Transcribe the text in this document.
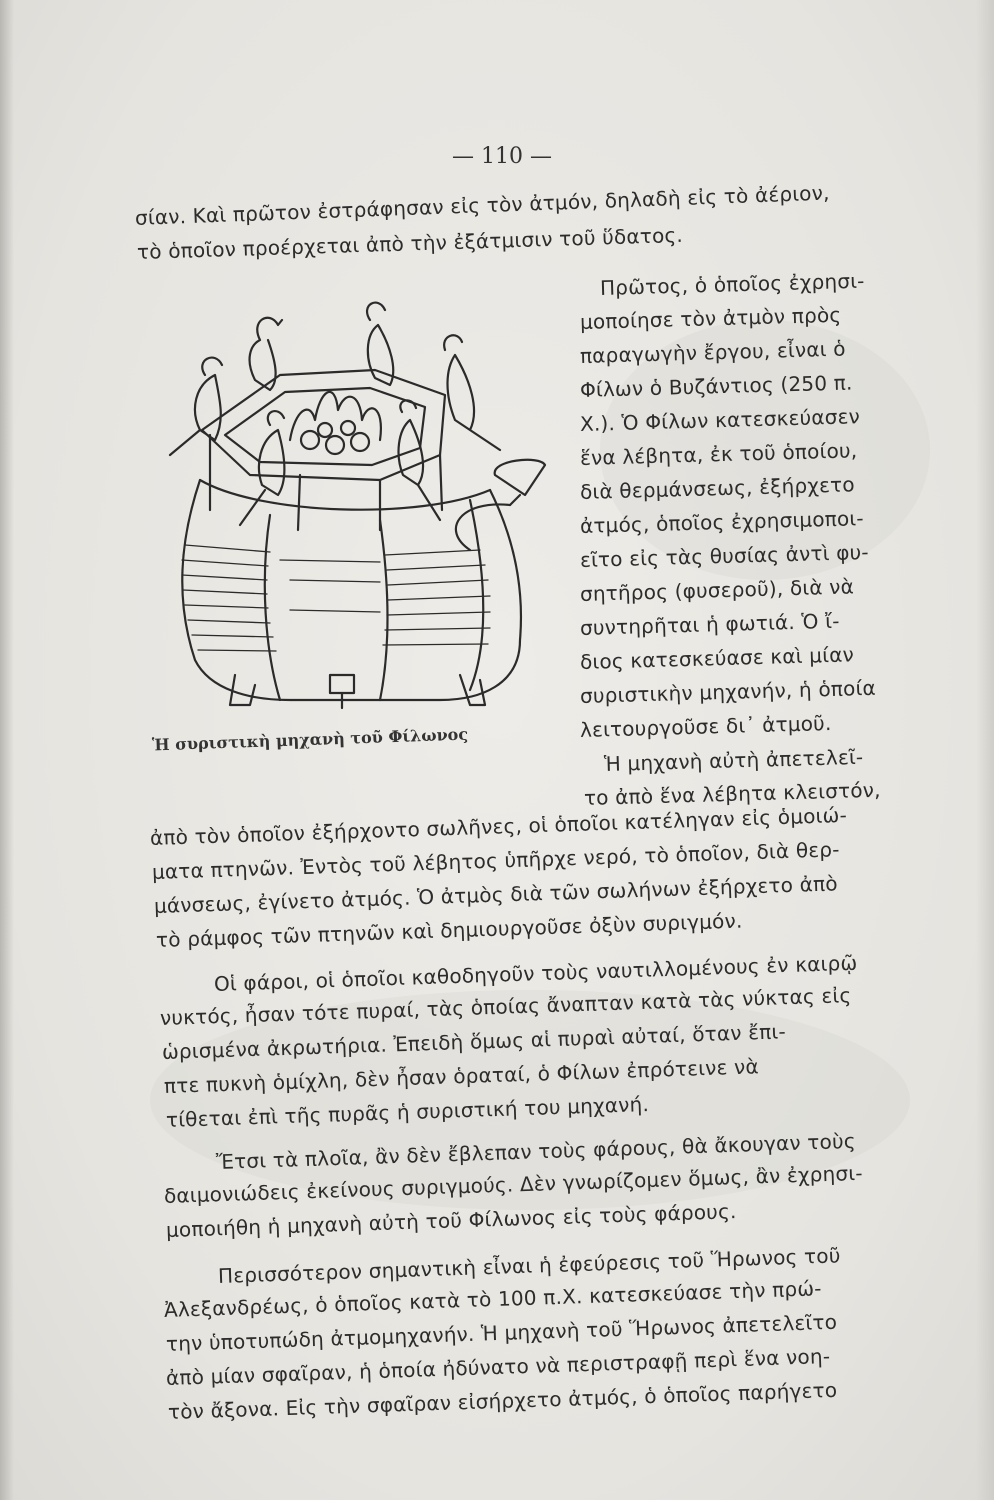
— 110 —
σίαν. Καὶ πρῶτον ἐστράφησαν εἰς τὸν ἀτμόν, δηλαδὴ εἰς τὸ ἀέριον,
τὸ ὁποῖον προέρχεται ἀπὸ τὴν ἐξάτμισιν τοῦ ὕδατος.
Πρῶτος, ὁ ὁποῖος ἐχρησι-
μοποίησε τὸν ἀτμὸν πρὸς
παραγωγὴν ἔργου, εἶναι ὁ
Φίλων ὁ Βυζάντιος (250 π.
Χ.). Ὁ Φίλων κατεσκεύασεν
ἕνα λέβητα, ἐκ τοῦ ὁποίου,
διὰ θερμάνσεως, ἐξήρχετο
ἀτμός, ὁποῖος ἐχρησιμοποι-
εῖτο εἰς τὰς θυσίας ἀντὶ φυ-
σητῆρος (φυσεροῦ), διὰ νὰ
συντηρῆται ἡ φωτιά. Ὁ ἴ-
διος κατεσκεύασε καὶ μίαν
συριστικὴν μηχανήν, ἡ ὁποία
λειτουργοῦσε δι᾽ ἀτμοῦ.
Ἡ μηχανὴ αὐτὴ ἀπετελεῖ-
το ἀπὸ ἕνα λέβητα κλειστόν,
Ἡ συριστικὴ μηχανὴ τοῦ Φίλωνος
ἀπὸ τὸν ὁποῖον ἐξήρχοντο σωλῆνες, οἱ ὁποῖοι κατέληγαν εἰς ὁμοιώ-
ματα πτηνῶν. Ἐντὸς τοῦ λέβητος ὑπῆρχε νερό, τὸ ὁποῖον, διὰ θερ-
μάνσεως, ἐγίνετο ἀτμός. Ὁ ἀτμὸς διὰ τῶν σωλήνων ἐξήρχετο ἀπὸ
τὸ ράμφος τῶν πτηνῶν καὶ δημιουργοῦσε ὀξὺν συριγμόν.
Οἱ φάροι, οἱ ὁποῖοι καθοδηγοῦν τοὺς ναυτιλλομένους ἐν καιρῷ
νυκτός, ἦσαν τότε πυραί, τὰς ὁποίας ἄναπταν κατὰ τὰς νύκτας εἰς
ὡρισμένα ἀκρωτήρια. Ἐπειδὴ ὅμως αἱ πυραὶ αὐταί, ὅταν ἔπι-
πτε πυκνὴ ὁμίχλη, δὲν ἦσαν ὁραταί, ὁ Φίλων ἐπρότεινε νὰ
τίθεται ἐπὶ τῆς πυρᾶς ἡ συριστική του μηχανή.
Ἔτσι τὰ πλοῖα, ἂν δὲν ἔβλεπαν τοὺς φάρους, θὰ ἄκουγαν τοὺς
δαιμονιώδεις ἐκείνους συριγμούς. Δὲν γνωρίζομεν ὅμως, ἂν ἐχρησι-
μοποιήθη ἡ μηχανὴ αὐτὴ τοῦ Φίλωνος εἰς τοὺς φάρους.
Περισσότερον σημαντικὴ εἶναι ἡ ἐφεύρεσις τοῦ Ἥρωνος τοῦ
Ἀλεξανδρέως, ὁ ὁποῖος κατὰ τὸ 100 π.Χ. κατεσκεύασε τὴν πρώ-
την ὑποτυπώδη ἀτμομηχανήν. Ἡ μηχανὴ τοῦ Ἥρωνος ἀπετελεῖτο
ἀπὸ μίαν σφαῖραν, ἡ ὁποία ἠδύνατο νὰ περιστραφῇ περὶ ἕνα νοη-
τὸν ἄξονα. Εἰς τὴν σφαῖραν εἰσήρχετο ἀτμός, ὁ ὁποῖος παρήγετο
